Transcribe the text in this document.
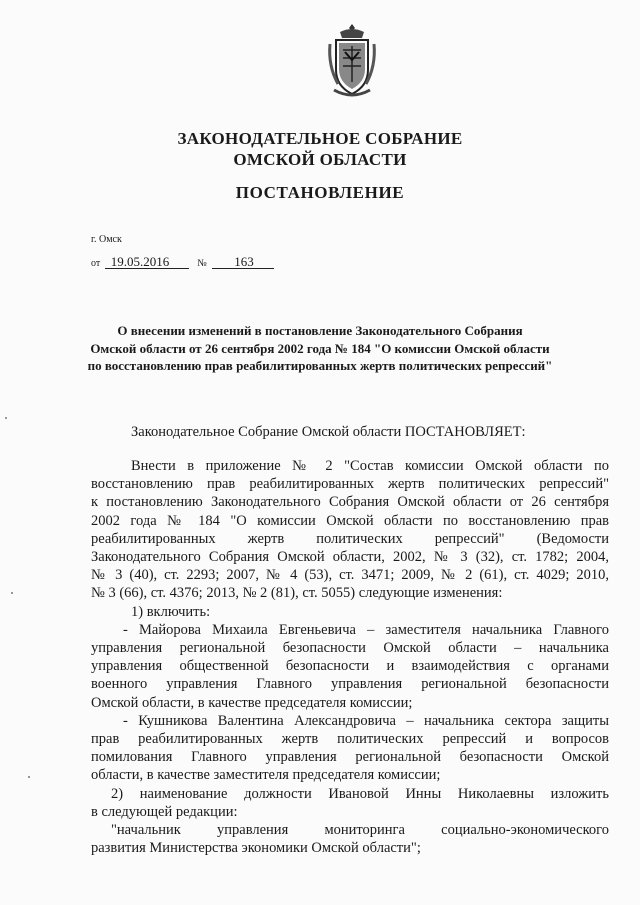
ЗАКОНОДАТЕЛЬНОЕ СОБРАНИЕ
ОМСКОЙ ОБЛАСТИ
ПОСТАНОВЛЕНИЕ
г. Омск
от 19.05.2016	№ 163
О внесении изменений в постановление Законодательного Собрания
Омской области от 26 сентября 2002 года № 184 "О комиссии Омской области
по восстановлению прав реабилитированных жертв политических репрессий"
Законодательное Собрание Омской области ПОСТАНОВЛЯЕТ:
Внести в приложение № 2 "Состав комиссии Омской области по
восстановлению прав реабилитированных жертв политических репрессий"
к постановлению Законодательного Собрания Омской области от 26 сентября
2002 года № 184 "О комиссии Омской области по восстановлению прав
реабилитированных жертв политических репрессий" (Ведомости
Законодательного Собрания Омской области, 2002, № 3 (32), ст. 1782; 2004,
№ 3 (40), ст. 2293; 2007, № 4 (53), ст. 3471; 2009, № 2 (61), ст. 4029; 2010,
№ 3 (66), ст. 4376; 2013, № 2 (81), ст. 5055) следующие изменения:
1) включить:
- Майорова Михаила Евгеньевича – заместителя начальника Главного
управления региональной безопасности Омской области – начальника
управления общественной безопасности и взаимодействия с органами
военного управления Главного управления региональной безопасности
Омской области, в качестве председателя комиссии;
- Кушникова Валентина Александровича – начальника сектора защиты
прав реабилитированных жертв политических репрессий и вопросов
помилования Главного управления региональной безопасности Омской
области, в качестве заместителя председателя комиссии;
2) наименование должности Ивановой Инны Николаевны изложить
в следующей редакции:
"начальник управления мониторинга социально-экономического
развития Министерства экономики Омской области";
